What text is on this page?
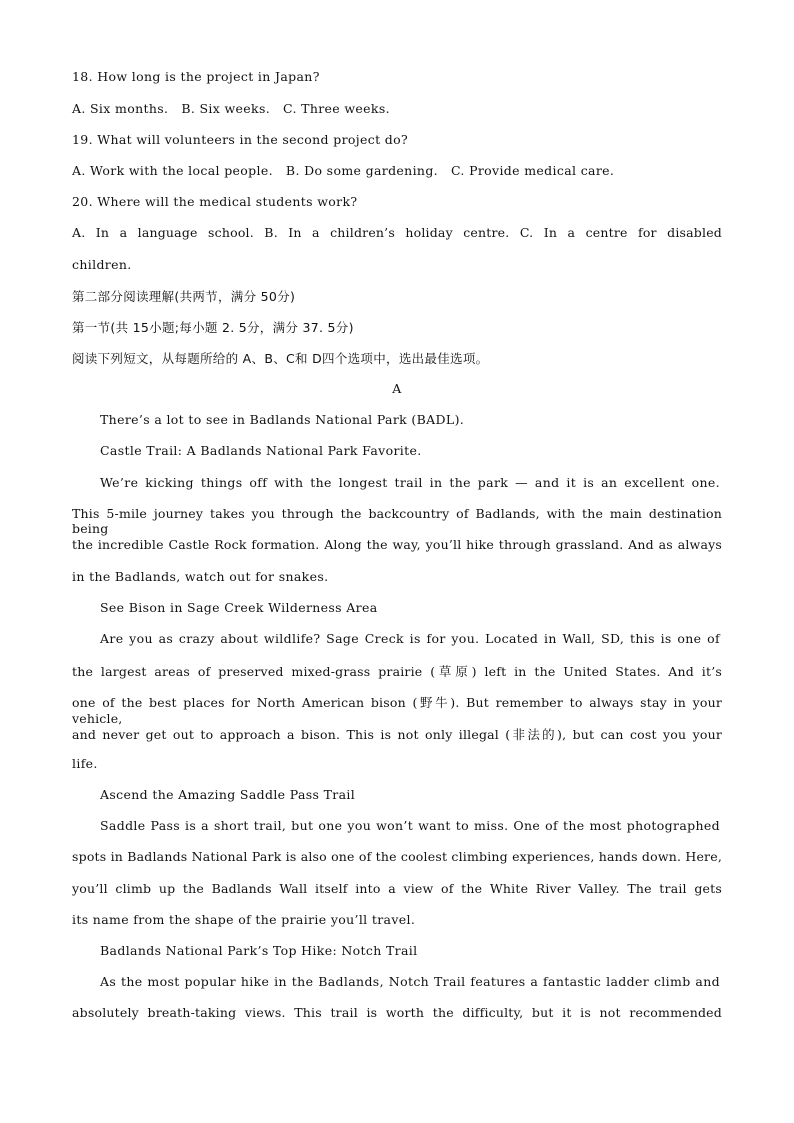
18. How long is the project in Japan?
A. Six months.   B. Six weeks.   C. Three weeks.
19. What will volunteers in the second project do?
A. Work with the local people.   B. Do some gardening.   C. Provide medical care.
20. Where will the medical students work?
A. In a language school. B. In a children’s holiday centre. C. In a centre for disabled
children.
第二部分阅读理解(共两节，满分 50分)
第一节(共 15小题;每小题 2. 5分，满分 37. 5分)
阅读下列短文，从每题所给的 A、B、C和 D四个选项中，选出最佳选项。
A
There’s a lot to see in Badlands National Park (BADL).
Castle Trail: A Badlands National Park Favorite.
We’re kicking things off with the longest trail in the park — and it is an excellent one.
This 5-mile journey takes you through the backcountry of Badlands, with the main destination being
the incredible Castle Rock formation. Along the way, you’ll hike through grassland. And as always
in the Badlands, watch out for snakes.
See Bison in Sage Creek Wilderness Area
Are you as crazy about wildlife? Sage Creck is for you. Located in Wall, SD, this is one of
the largest areas of preserved mixed-grass prairie (草原) left in the United States. And it’s
one of the best places for North American bison (野牛). But remember to always stay in your vehicle,
and never get out to approach a bison. This is not only illegal (非法的), but can cost you your
life.
Ascend the Amazing Saddle Pass Trail
Saddle Pass is a short trail, but one you won’t want to miss. One of the most photographed
spots in Badlands National Park is also one of the coolest climbing experiences, hands down. Here,
you’ll climb up the Badlands Wall itself into a view of the White River Valley. The trail gets
its name from the shape of the prairie you’ll travel.
Badlands National Park’s Top Hike: Notch Trail
As the most popular hike in the Badlands, Notch Trail features a fantastic ladder climb and
absolutely breath-taking views. This trail is worth the difficulty, but it is not recommended
